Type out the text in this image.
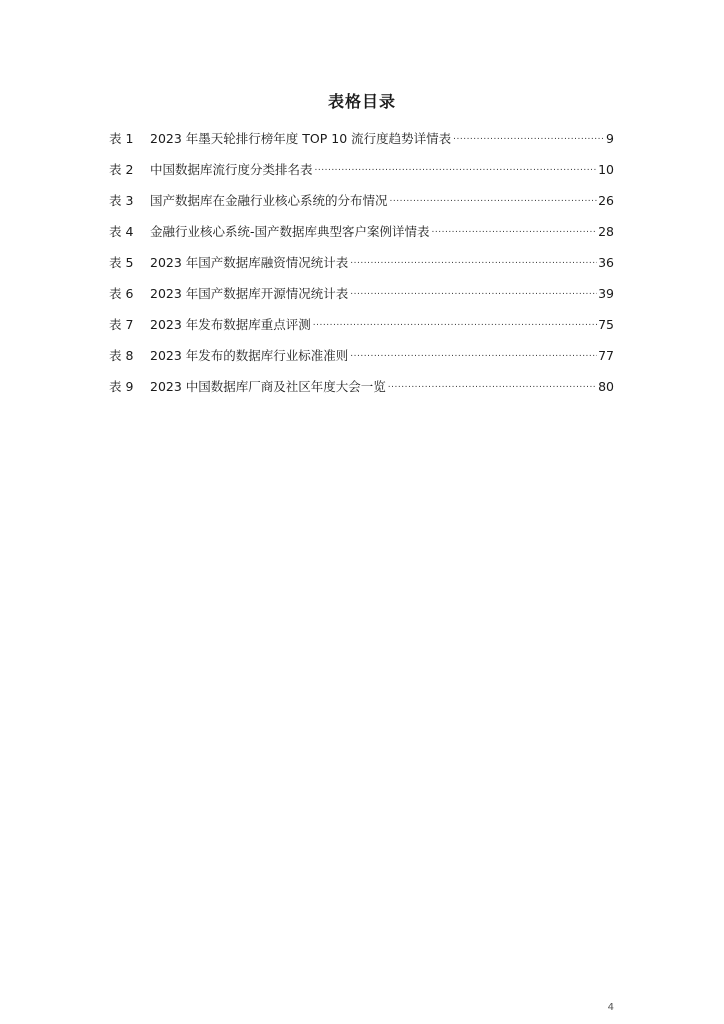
表格目录
表 1	2023 年墨天轮排行榜年度 TOP 10 流行度趋势详情表 .....	9
表 2	中国数据库流行度分类排名表 .....	10
表 3	国产数据库在金融行业核心系统的分布情况 .....	26
表 4	金融行业核心系统-国产数据库典型客户案例详情表 .....	28
表 5	2023 年国产数据库融资情况统计表 .....	36
表 6	2023 年国产数据库开源情况统计表 .....	39
表 7	2023 年发布数据库重点评测 .....	75
表 8	2023 年发布的数据库行业标准准则 .....	77
表 9	2023 中国数据库厂商及社区年度大会一览 .....	80
4
